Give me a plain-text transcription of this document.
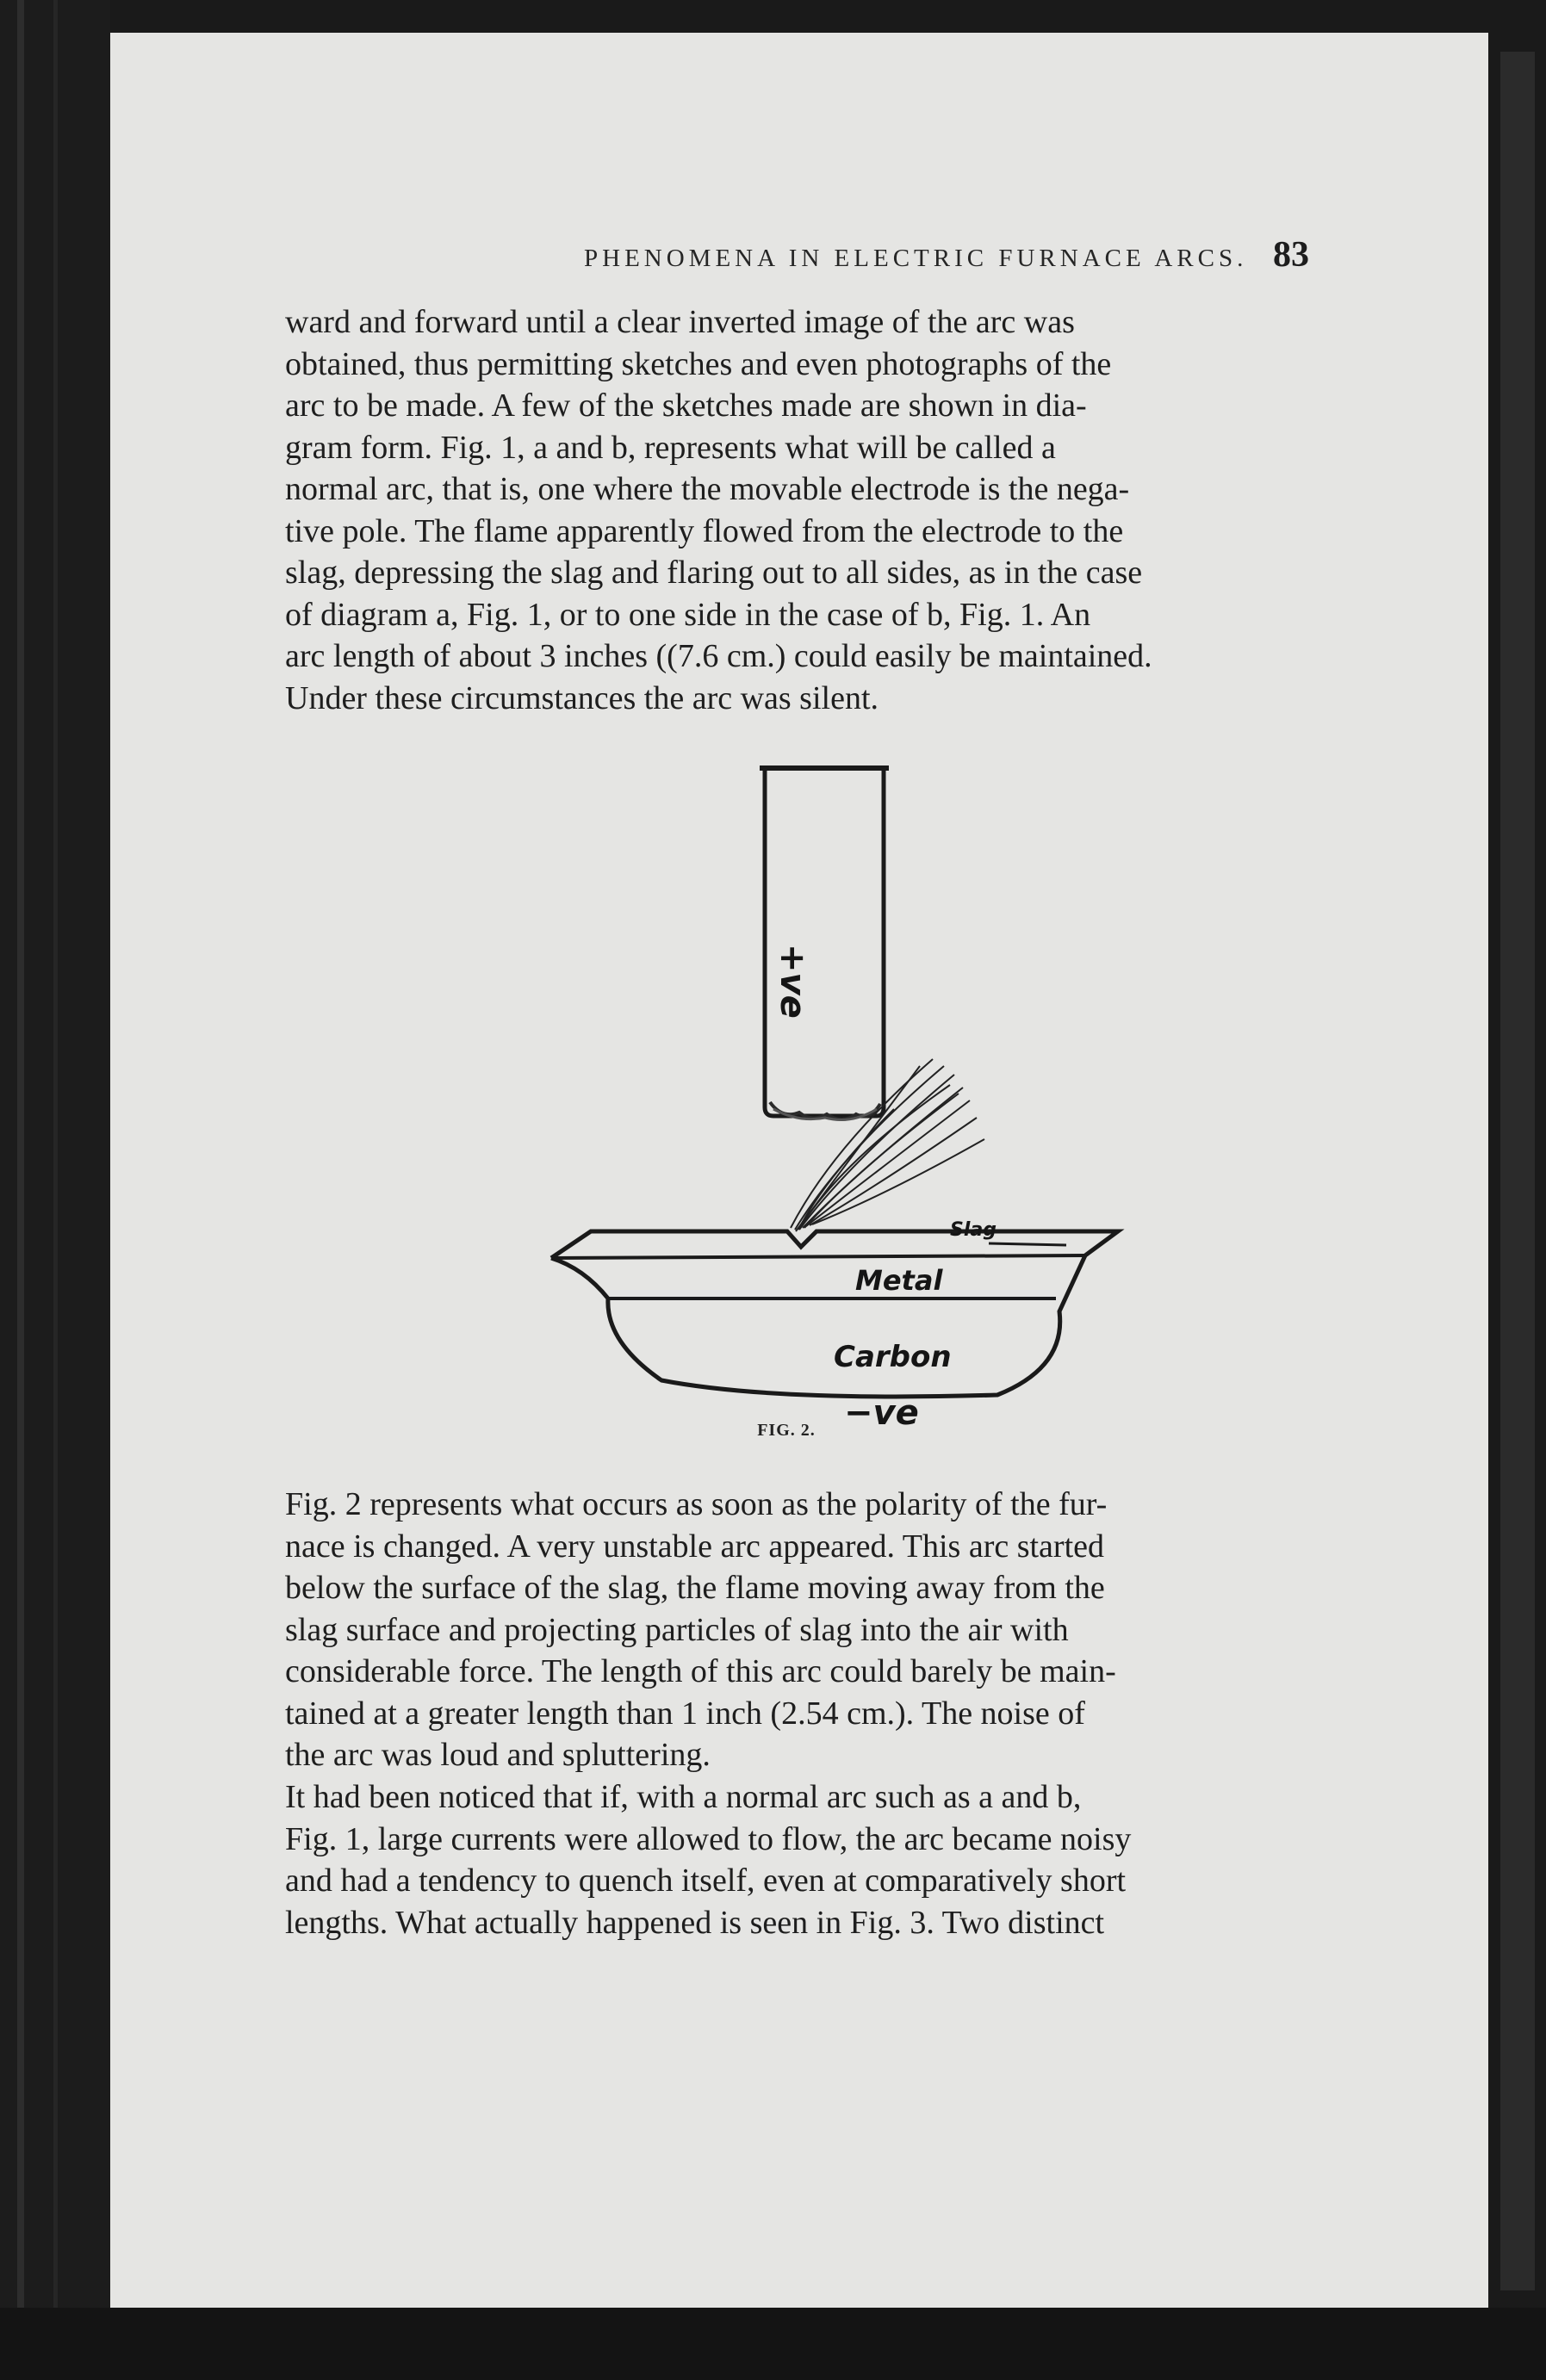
PHENOMENA IN ELECTRIC FURNACE ARCS. 83
ward and forward until a clear inverted image of the arc was
obtained, thus permitting sketches and even photographs of the
arc to be made. A few of the sketches made are shown in dia-
gram form. Fig. 1, a and b, represents what will be called a
normal arc, that is, one where the movable electrode is the nega-
tive pole. The flame apparently flowed from the electrode to the
slag, depressing the slag and flaring out to all sides, as in the case
of diagram a, Fig. 1, or to one side in the case of b, Fig. 1. An
arc length of about 3 inches ((7.6 cm.) could easily be maintained.
Under these circumstances the arc was silent.
+ve
Slag
Metal
Carbon
−ve
FIG. 2.
Fig. 2 represents what occurs as soon as the polarity of the fur-
nace is changed. A very unstable arc appeared. This arc started
below the surface of the slag, the flame moving away from the
slag surface and projecting particles of slag into the air with
considerable force. The length of this arc could barely be main-
tained at a greater length than 1 inch (2.54 cm.). The noise of
the arc was loud and spluttering.
It had been noticed that if, with a normal arc such as a and b,
Fig. 1, large currents were allowed to flow, the arc became noisy
and had a tendency to quench itself, even at comparatively short
lengths. What actually happened is seen in Fig. 3. Two distinct
